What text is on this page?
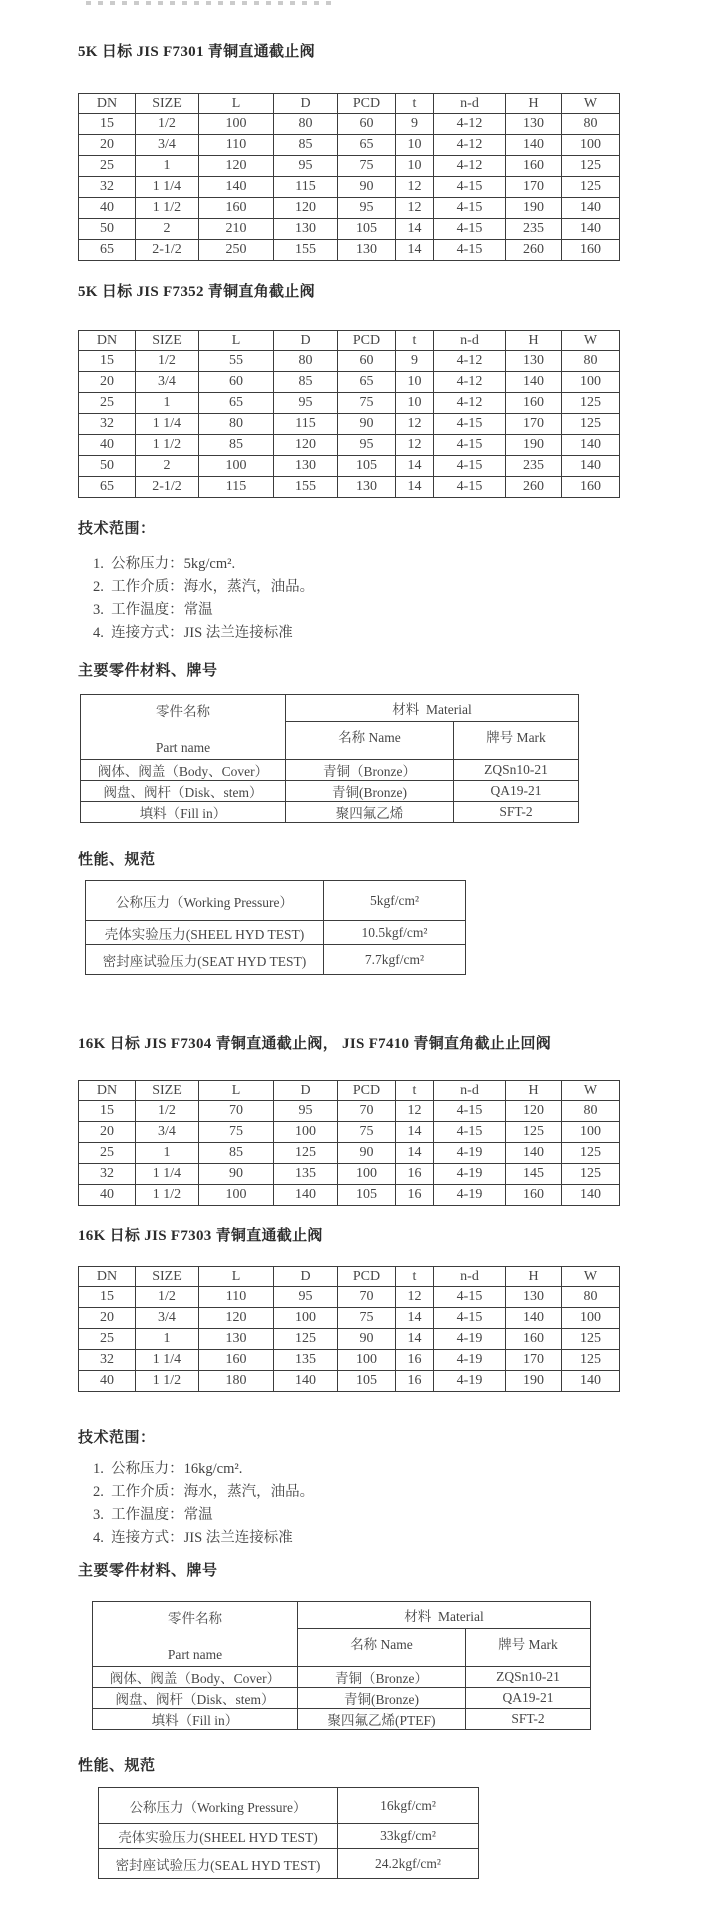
5K 日标 JIS F7301 青铜直通截止阀
DN	SIZE	L	D	PCD	t	n-d	H	W
15	1/2	100	80	60	9	4-12	130	80
20	3/4	110	85	65	10	4-12	140	100
25	1	120	95	75	10	4-12	160	125
32	1 1/4	140	115	90	12	4-15	170	125
40	1 1/2	160	120	95	12	4-15	190	140
50	2	210	130	105	14	4-15	235	140
65	2-1/2	250	155	130	14	4-15	260	160
5K 日标 JIS F7352 青铜直角截止阀
DN	SIZE	L	D	PCD	t	n-d	H	W
15	1/2	55	80	60	9	4-12	130	80
20	3/4	60	85	65	10	4-12	140	100
25	1	65	95	75	10	4-12	160	125
32	1 1/4	80	115	90	12	4-15	170	125
40	1 1/2	85	120	95	12	4-15	190	140
50	2	100	130	105	14	4-15	235	140
65	2-1/2	115	155	130	14	4-15	260	160
技术范围：
1.  公称压力：5kg/cm².
2.  工作介质：海水，蒸汽，油品。
3.  工作温度：常温
4.  连接方式：JIS 法兰连接标准
主要零件材料、牌号
零件名称
Part name	材料  Material	
	名称 Name	牌号 Mark
阀体、阀盖（Body、Cover）	青铜（Bronze）	ZQSn10-21
阀盘、阀杆（Disk、stem）	青铜(Bronze)	QA19-21
填料（Fill in）	聚四氟乙烯	SFT-2
性能、规范
公称压力（Working Pressure）	5kgf/cm²
壳体实验压力(SHEEL HYD TEST)	10.5kgf/cm²
密封座试验压力(SEAT HYD TEST)	7.7kgf/cm²
16K 日标 JIS F7304 青铜直通截止阀， JIS F7410 青铜直角截止止回阀
DN	SIZE	L	D	PCD	t	n-d	H	W
15	1/2	70	95	70	12	4-15	120	80
20	3/4	75	100	75	14	4-15	125	100
25	1	85	125	90	14	4-19	140	125
32	1 1/4	90	135	100	16	4-19	145	125
40	1 1/2	100	140	105	16	4-19	160	140
16K 日标 JIS F7303 青铜直通截止阀
DN	SIZE	L	D	PCD	t	n-d	H	W
15	1/2	110	95	70	12	4-15	130	80
20	3/4	120	100	75	14	4-15	140	100
25	1	130	125	90	14	4-19	160	125
32	1 1/4	160	135	100	16	4-19	170	125
40	1 1/2	180	140	105	16	4-19	190	140
技术范围：
1.  公称压力：16kg/cm².
2.  工作介质：海水，蒸汽，油品。
3.  工作温度：常温
4.  连接方式：JIS 法兰连接标准
主要零件材料、牌号
零件名称
Part name	材料  Material	
	名称 Name	牌号 Mark
阀体、阀盖（Body、Cover）	青铜（Bronze）	ZQSn10-21
阀盘、阀杆（Disk、stem）	青铜(Bronze)	QA19-21
填料（Fill in）	聚四氟乙烯(PTEF)	SFT-2
性能、规范
公称压力（Working Pressure）	16kgf/cm²
壳体实验压力(SHEEL HYD TEST)	33kgf/cm²
密封座试验压力(SEAL HYD TEST)	24.2kgf/cm²
